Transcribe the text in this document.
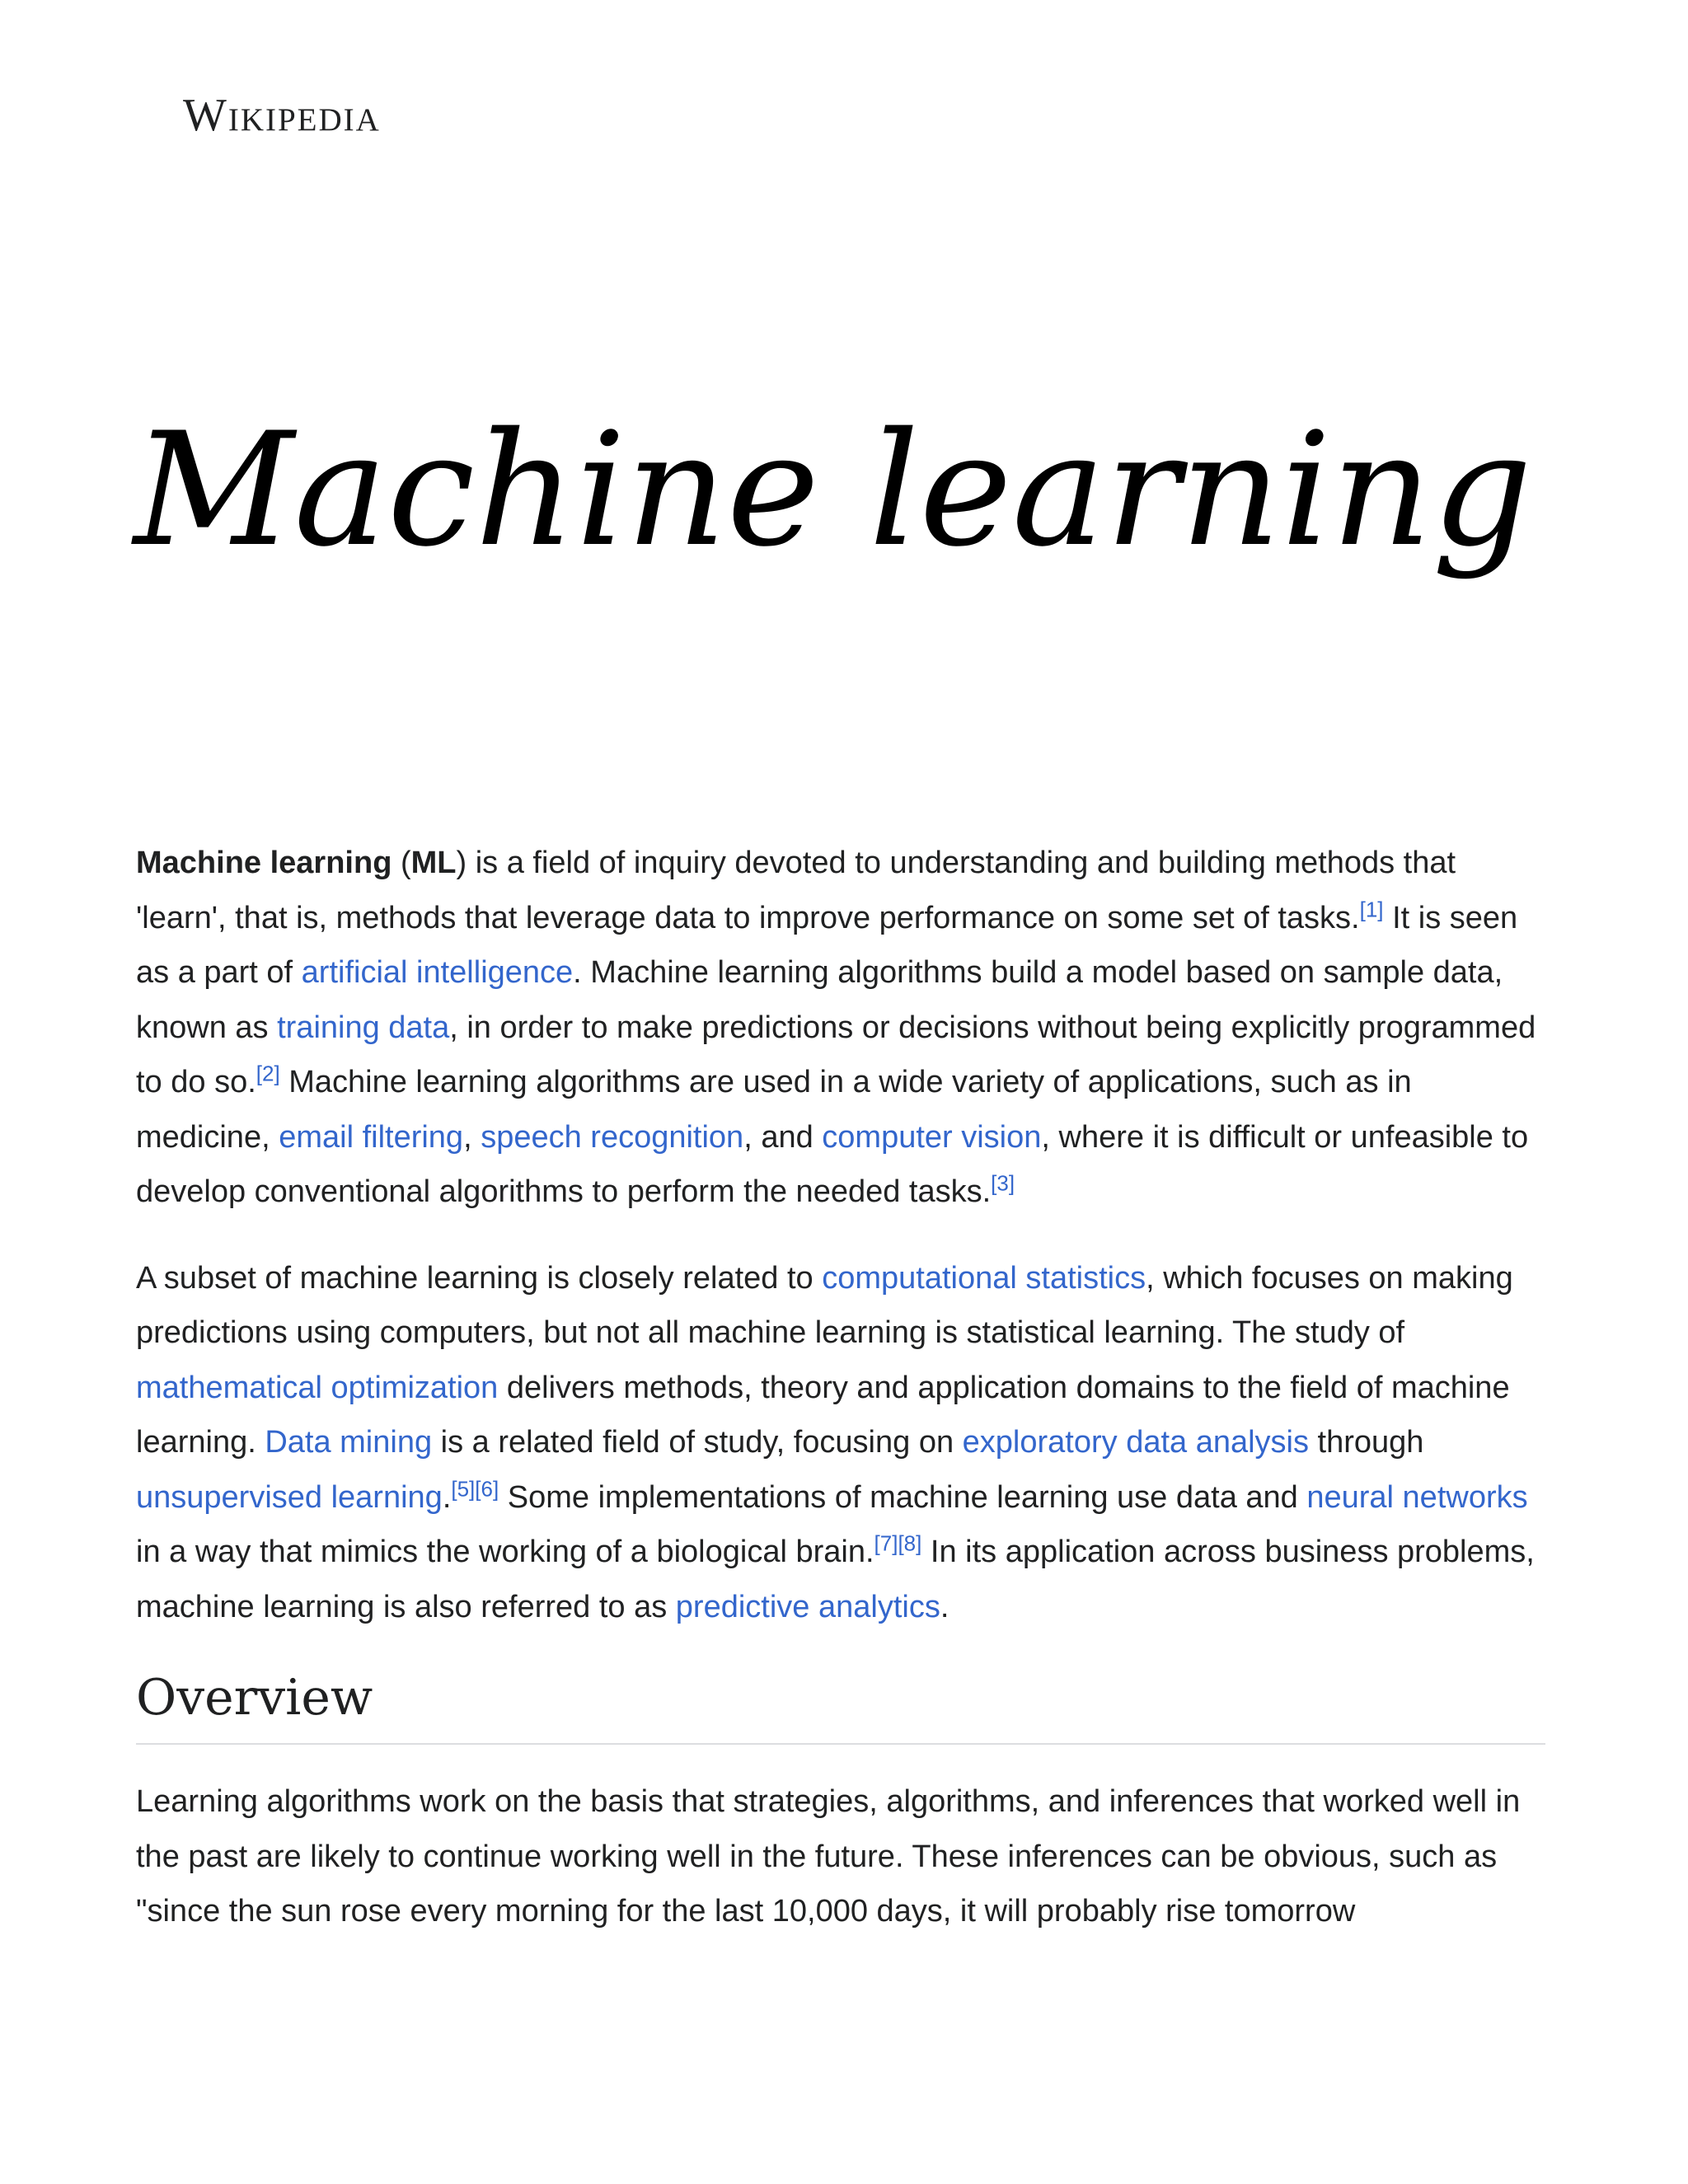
Wikipedia
Machine learning

Machine learning (ML) is a field of inquiry devoted to understanding and building methods that 'learn', that is, methods that leverage data to improve performance on some set of tasks.[1] It is seen as a part of artificial intelligence. Machine learning algorithms build a model based on sample data, known as training data, in order to make predictions or decisions without being explicitly programmed to do so.[2] Machine learning algorithms are used in a wide variety of applications, such as in medicine, email filtering, speech recognition, and computer vision, where it is difficult or unfeasible to develop conventional algorithms to perform the needed tasks.[3]

A subset of machine learning is closely related to computational statistics, which focuses on making predictions using computers, but not all machine learning is statistical learning. The study of mathematical optimization delivers methods, theory and application domains to the field of machine learning. Data mining is a related field of study, focusing on exploratory data analysis through unsupervised learning.[5][6] Some implementations of machine learning use data and neural networks in a way that mimics the working of a biological brain.[7][8] In its application across business problems, machine learning is also referred to as predictive analytics.

Overview

Learning algorithms work on the basis that strategies, algorithms, and inferences that worked well in the past are likely to continue working well in the future. These inferences can be obvious, such as "since the sun rose every morning for the last 10,000 days, it will probably rise tomorrow
